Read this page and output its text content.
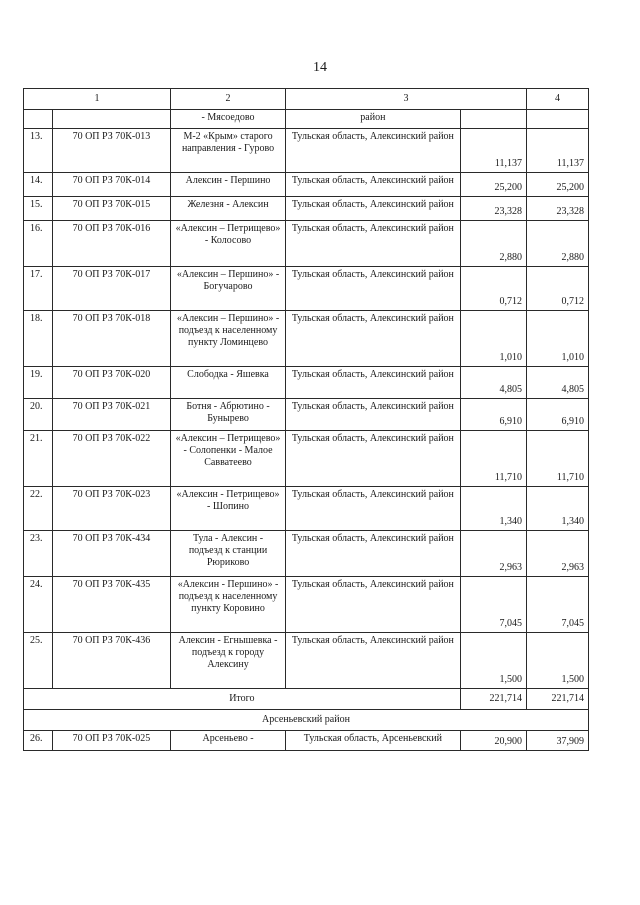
14
1		2	3		4
		- Мясоедово	район		
13.	70 ОП РЗ 70К-013	М-2 «Крым» старого направления - Гурово	Тульская область, Алексинский район	11,137	11,137
14.	70 ОП РЗ 70К-014	Алексин - Першино	Тульская область, Алексинский район	25,200	25,200
15.	70 ОП РЗ 70К-015	Железня - Алексин	Тульская область, Алексинский район	23,328	23,328
16.	70 ОП РЗ 70К-016	«Алексин – Петрищево» - Колосово	Тульская область, Алексинский район	2,880	2,880
17.	70 ОП РЗ 70К-017	«Алексин – Першино» - Богучарово	Тульская область, Алексинский район	0,712	0,712
18.	70 ОП РЗ 70К-018	«Алексин – Першино» - подъезд к населенному пункту Ломинцево	Тульская область, Алексинский район	1,010	1,010
19.	70 ОП РЗ 70К-020	Слободка - Яшевка	Тульская область, Алексинский район	4,805	4,805
20.	70 ОП РЗ 70К-021	Ботня - Абрютино - Бунырево	Тульская область, Алексинский район	6,910	6,910
21.	70 ОП РЗ 70К-022	«Алексин – Петрищево» - Солопенки - Малое Савватеево	Тульская область, Алексинский район	11,710	11,710
22.	70 ОП РЗ 70К-023	«Алексин - Петрищево» - Шопино	Тульская область, Алексинский район	1,340	1,340
23.	70 ОП РЗ 70К-434	Тула - Алексин - подъезд к станции Рюриково	Тульская область, Алексинский район	2,963	2,963
24.	70 ОП РЗ 70К-435	«Алексин - Першино» - подъезд к населенному пункту Коровино	Тульская область, Алексинский район	7,045	7,045
25.	70 ОП РЗ 70К-436	Алексин - Егнышевка - подъезд к городу Алексину	Тульская область, Алексинский район	1,500	1,500
Итого				221,714	221,714
Арсеньевский район					
26.	70 ОП РЗ 70К-025	Арсеньево -	Тульская область, Арсеньевский	20,900	37,909
